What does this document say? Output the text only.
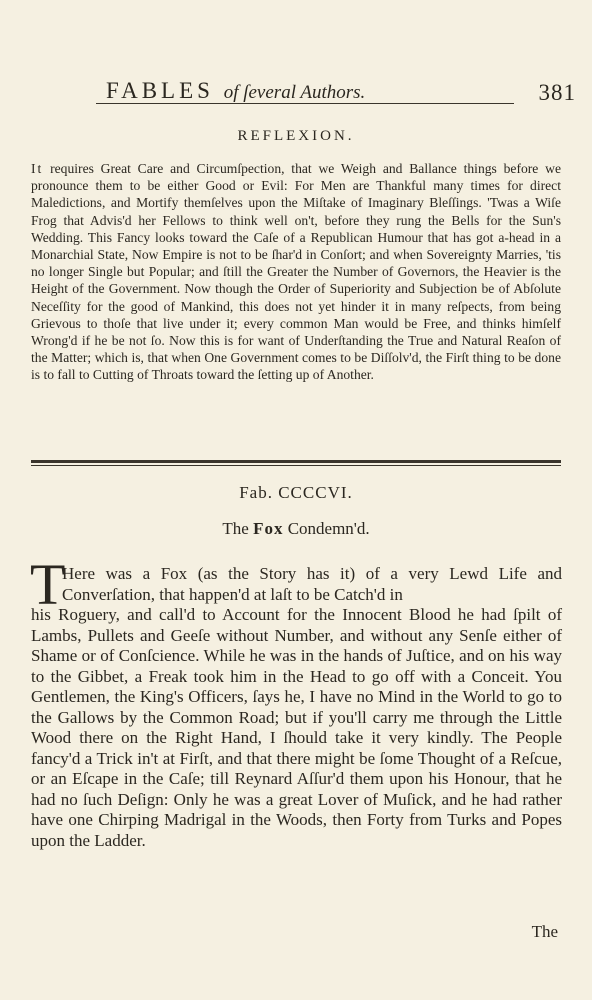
FABLES of ſeveral Authors.	381
REFLEXION.

It requires Great Care and Circumſpection, that we Weigh and Ballance things before we pronounce them to be either Good or Evil: For Men are Thankful many times for direct Maledictions, and Mortify themſelves upon the Miſtake of Imaginary Bleſſings. 'Twas a Wiſe Frog that Advis'd her Fellows to think well on't, before they rung the Bells for the Sun's Wedding. This Fancy looks toward the Caſe of a Republican Humour that has got a-head in a Monarchial State, Now Empire is not to be ſhar'd in Conſort; and when Sovereignty Marries, 'tis no longer Single but Popular; and ſtill the Greater the Number of Governors, the Heavier is the Height of the Government. Now though the Order of Superiority and Subjection be of Abſolute Neceſſity for the good of Mankind, this does not yet hinder it in many reſpects, from being Grievous to thoſe that live under it; every common Man would be Free, and thinks himſelf Wrong'd if he be not ſo. Now this is for want of Underſtanding the True and Natural Reaſon of the Matter; which is, that when One Government comes to be Diſſolv'd, the Firſt thing to be done is to fall to Cutting of Throats toward the ſetting up of Another.

Fab. CCCCVI.
The Fox Condemn'd.
T

Here was a Fox (as the Story has it) of a very Lewd Life and Converſation, that happen'd at laſt to be Catch'd in

his Roguery, and call'd to Account for the Innocent Blood he had ſpilt of Lambs, Pullets and Geeſe without Number, and without any Senſe either of Shame or of Conſcience. While he was in the hands of Juſtice, and on his way to the Gibbet, a Freak took him in the Head to go off with a Conceit. You Gentlemen, the King's Officers, ſays he, I have no Mind in the World to go to the Gallows by the Common Road; but if you'll carry me through the Little Wood there on the Right Hand, I ſhould take it very kindly. The People fancy'd a Trick in't at Firſt, and that there might be ſome Thought of a Reſcue, or an Eſcape in the Caſe; till Reynard Aſſur'd them upon his Honour, that he had no ſuch Deſign: Only he was a great Lover of Muſick, and he had rather have one Chirping Madrigal in the Woods, then Forty from Turks and Popes upon the Ladder.

The
